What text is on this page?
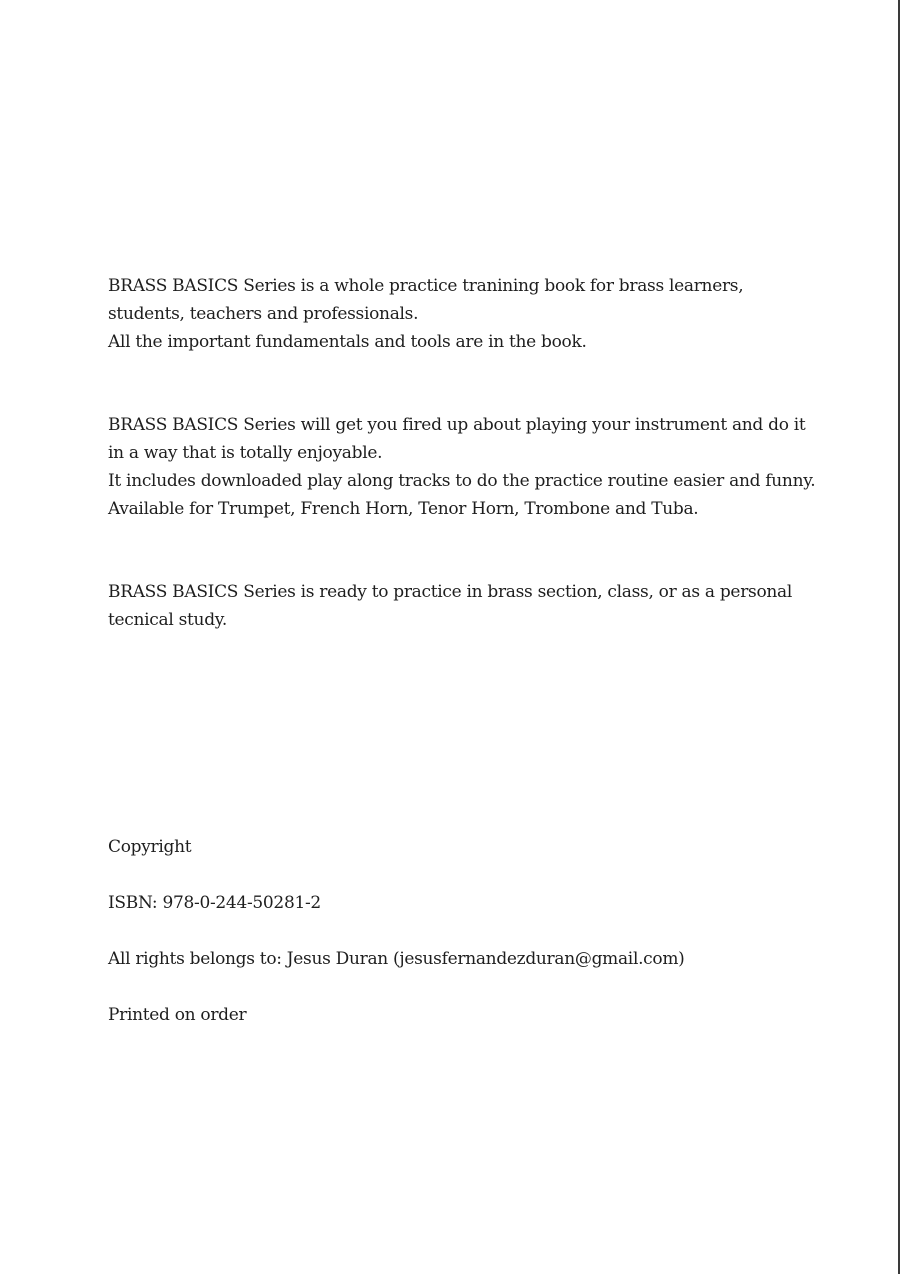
BRASS BASICS Series is a whole practice tranining book for brass learners,
students, teachers and professionals.
All the important fundamentals and tools are in the book.

BRASS BASICS Series will get you fired up about playing your instrument and do it
in a way that is totally enjoyable.
It includes downloaded play along tracks to do the practice routine easier and funny.
Available for Trumpet, French Horn, Tenor Horn, Trombone and Tuba.

BRASS BASICS Series is ready to practice in brass section, class, or as a personal
tecnical study.

Copyright
ISBN: 978-0-244-50281-2
All rights belongs to: Jesus Duran (jesusfernandezduran@gmail.com)
Printed on order
